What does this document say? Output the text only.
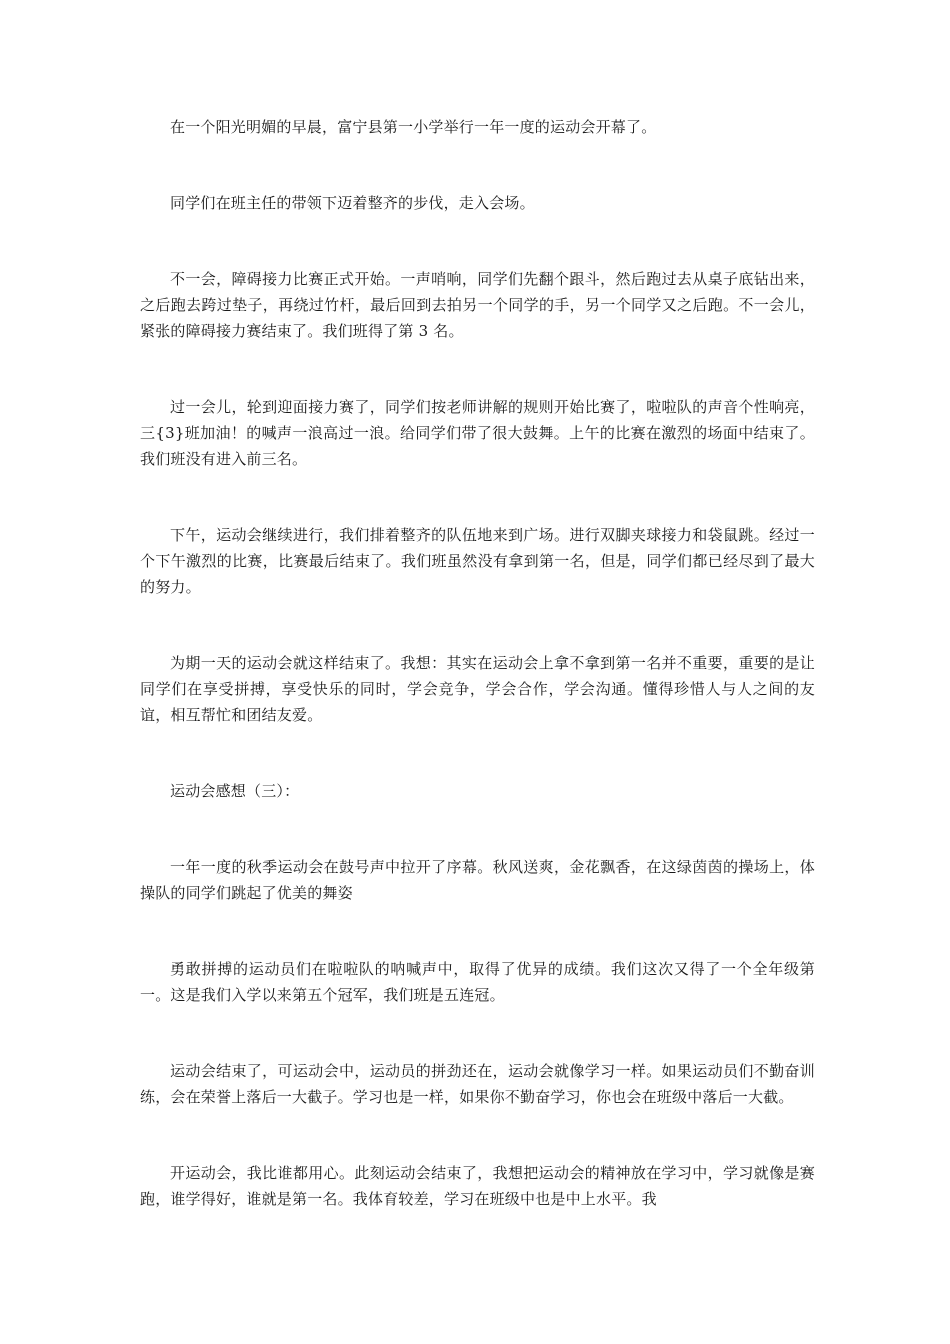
在一个阳光明媚的早晨，富宁县第一小学举行一年一度的运动会开幕了。

同学们在班主任的带领下迈着整齐的步伐，走入会场。

不一会，障碍接力比赛正式开始。一声哨响，同学们先翻个跟斗，然后跑过去从桌子底钻出来，之后跑去跨过垫子，再绕过竹杆，最后回到去拍另一个同学的手，另一个同学又之后跑。不一会儿，紧张的障碍接力赛结束了。我们班得了第 3 名。

过一会儿，轮到迎面接力赛了，同学们按老师讲解的规则开始比赛了，啦啦队的声音个性响亮，三{3}班加油！的喊声一浪高过一浪。给同学们带了很大鼓舞。上午的比赛在激烈的场面中结束了。我们班没有进入前三名。

下午，运动会继续进行，我们排着整齐的队伍地来到广场。进行双脚夹球接力和袋鼠跳。经过一个下午激烈的比赛，比赛最后结束了。我们班虽然没有拿到第一名，但是，同学们都已经尽到了最大的努力。

为期一天的运动会就这样结束了。我想：其实在运动会上拿不拿到第一名并不重要，重要的是让同学们在享受拼搏，享受快乐的同时，学会竞争，学会合作，学会沟通。懂得珍惜人与人之间的友谊，相互帮忙和团结友爱。

运动会感想（三）：

一年一度的秋季运动会在鼓号声中拉开了序幕。秋风送爽，金花飘香，在这绿茵茵的操场上，体操队的同学们跳起了优美的舞姿

勇敢拼搏的运动员们在啦啦队的呐喊声中，取得了优异的成绩。我们这次又得了一个全年级第一。这是我们入学以来第五个冠军，我们班是五连冠。

运动会结束了，可运动会中，运动员的拼劲还在，运动会就像学习一样。如果运动员们不勤奋训练，会在荣誉上落后一大截子。学习也是一样，如果你不勤奋学习，你也会在班级中落后一大截。

开运动会，我比谁都用心。此刻运动会结束了，我想把运动会的精神放在学习中，学习就像是赛跑，谁学得好，谁就是第一名。我体育较差，学习在班级中也是中上水平。我
